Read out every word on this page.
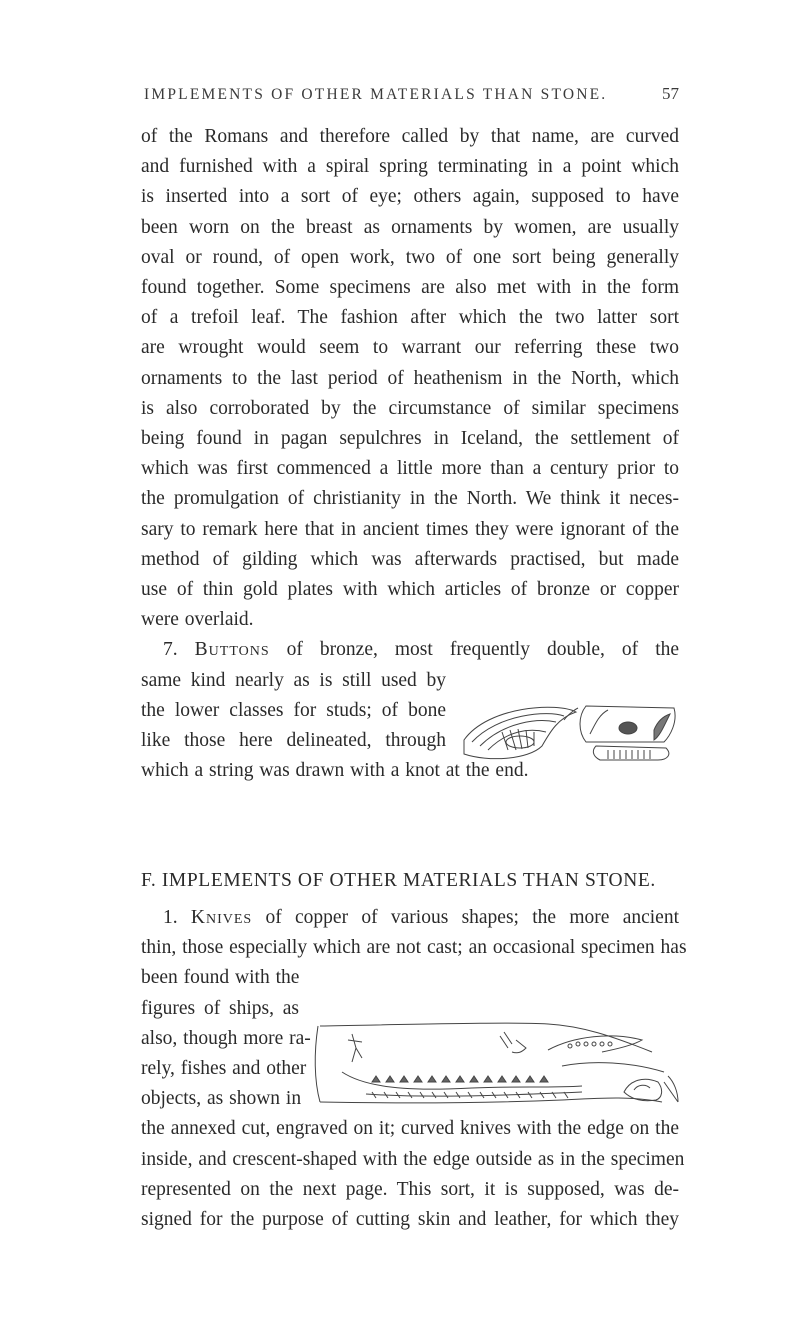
IMPLEMENTS OF OTHER MATERIALS THAN STONE.	57
of the Romans and therefore called by that name, are curved
and furnished with a spiral spring terminating in a point which
is inserted into a sort of eye; others again, supposed to have
been worn on the breast as ornaments by women, are usually
oval or round, of open work, two of one sort being generally
found together. Some specimens are also met with in the form
of a trefoil leaf. The fashion after which the two latter sort
are wrought would seem to warrant our referring these two
ornaments to the last period of heathenism in the North, which
is also corroborated by the circumstance of similar specimens
being found in pagan sepulchres in Iceland, the settlement of
which was first commenced a little more than a century prior to
the promulgation of christianity in the North. We think it neces-
sary to remark here that in ancient times they were ignorant of the
method of gilding which was afterwards practised, but made
use of thin gold plates with which articles of bronze or copper
were overlaid.
7. Buttons of bronze, most frequently double, of the
same kind nearly as is still used by
the lower classes for studs; of bone
like those here delineated, through
which a string was drawn with a knot at the end.
F. IMPLEMENTS OF OTHER MATERIALS THAN STONE.
1. Knives of copper of various shapes; the more ancient
thin, those especially which are not cast; an occasional specimen has
been found with the
figures of ships, as
also, though more ra-
rely, fishes and other
objects, as shown in
the annexed cut, engraved on it; curved knives with the edge on the
inside, and crescent-shaped with the edge outside as in the specimen
represented on the next page. This sort, it is supposed, was de-
signed for the purpose of cutting skin and leather, for which they
